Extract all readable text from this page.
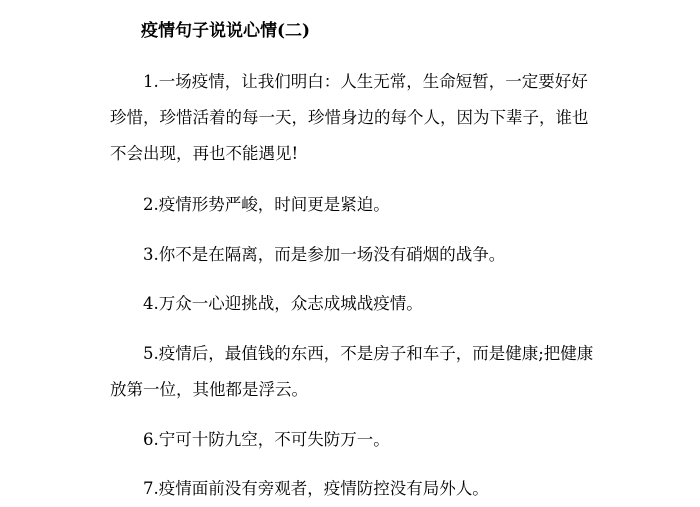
疫情句子说说心情(二)

1.一场疫情，让我们明白：人生无常，生命短暂，一定要好好珍惜，珍惜活着的每一天，珍惜身边的每个人，因为下辈子，谁也不会出现，再也不能遇见!

2.疫情形势严峻，时间更是紧迫。

3.你不是在隔离，而是参加一场没有硝烟的战争。

4.万众一心迎挑战，众志成城战疫情。

5.疫情后，最值钱的东西，不是房子和车子，而是健康;把健康放第一位，其他都是浮云。

6.宁可十防九空，不可失防万一。

7.疫情面前没有旁观者，疫情防控没有局外人。
